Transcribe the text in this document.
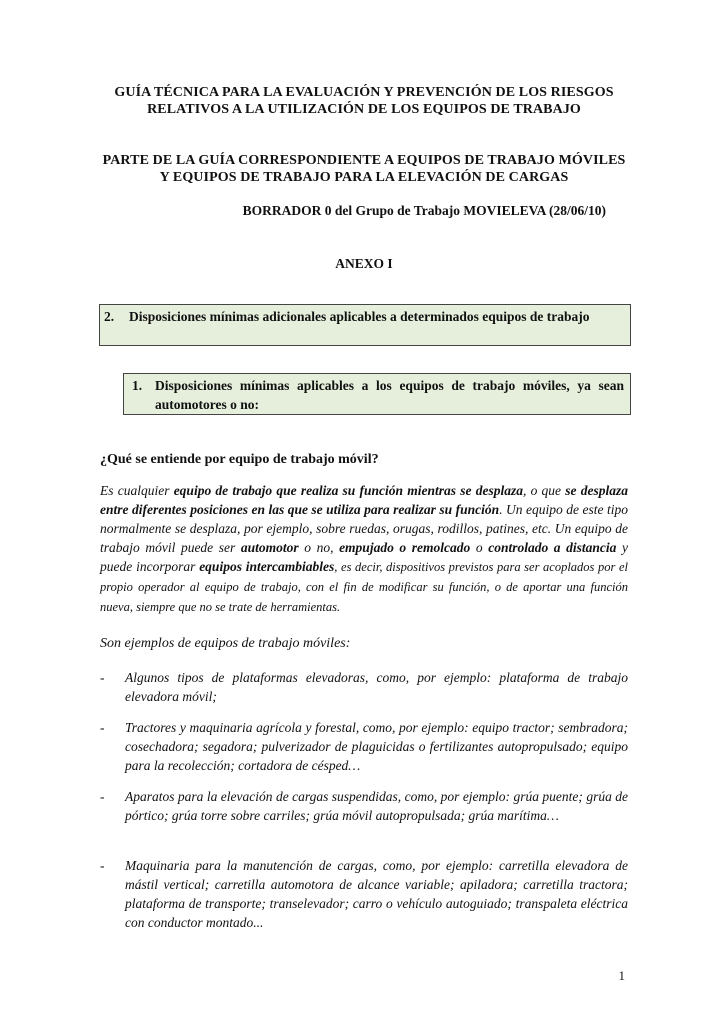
GUÍA TÉCNICA PARA LA EVALUACIÓN Y PREVENCIÓN DE LOS RIESGOS RELATIVOS A LA UTILIZACIÓN DE LOS EQUIPOS DE TRABAJO
PARTE DE LA GUÍA CORRESPONDIENTE A EQUIPOS DE TRABAJO MÓVILES Y EQUIPOS DE TRABAJO PARA LA ELEVACIÓN DE CARGAS
BORRADOR 0 del Grupo de Trabajo MOVIELEVA (28/06/10)
ANEXO I
2. Disposiciones mínimas adicionales aplicables a determinados equipos de trabajo
1. Disposiciones mínimas aplicables a los equipos de trabajo móviles, ya sean automotores o no:
¿Qué se entiende por equipo de trabajo móvil?
Es cualquier equipo de trabajo que realiza su función mientras se desplaza, o que se desplaza entre diferentes posiciones en las que se utiliza para realizar su función. Un equipo de este tipo normalmente se desplaza, por ejemplo, sobre ruedas, orugas, rodillos, patines, etc. Un equipo de trabajo móvil puede ser automotor o no, empujado o remolcado o controlado a distancia y puede incorporar equipos intercambiables, es decir, dispositivos previstos para ser acoplados por el propio operador al equipo de trabajo, con el fin de modificar su función, o de aportar una función nueva, siempre que no se trate de herramientas.
Son ejemplos de equipos de trabajo móviles:
- Algunos tipos de plataformas elevadoras, como, por ejemplo: plataforma de trabajo elevadora móvil;
- Tractores y maquinaria agrícola y forestal, como, por ejemplo: equipo tractor; sembradora; cosechadora; segadora; pulverizador de plaguicidas o fertilizantes autopropulsado; equipo para la recolección; cortadora de césped…
- Aparatos para la elevación de cargas suspendidas, como, por ejemplo: grúa puente; grúa de pórtico; grúa torre sobre carriles; grúa móvil autopropulsada; grúa marítima…
- Maquinaria para la manutención de cargas, como, por ejemplo: carretilla elevadora de mástil vertical; carretilla automotora de alcance variable; apiladora; carretilla tractora; plataforma de transporte; transelevador; carro o vehículo autoguiado; transpaleta eléctrica con conductor montado...
1
